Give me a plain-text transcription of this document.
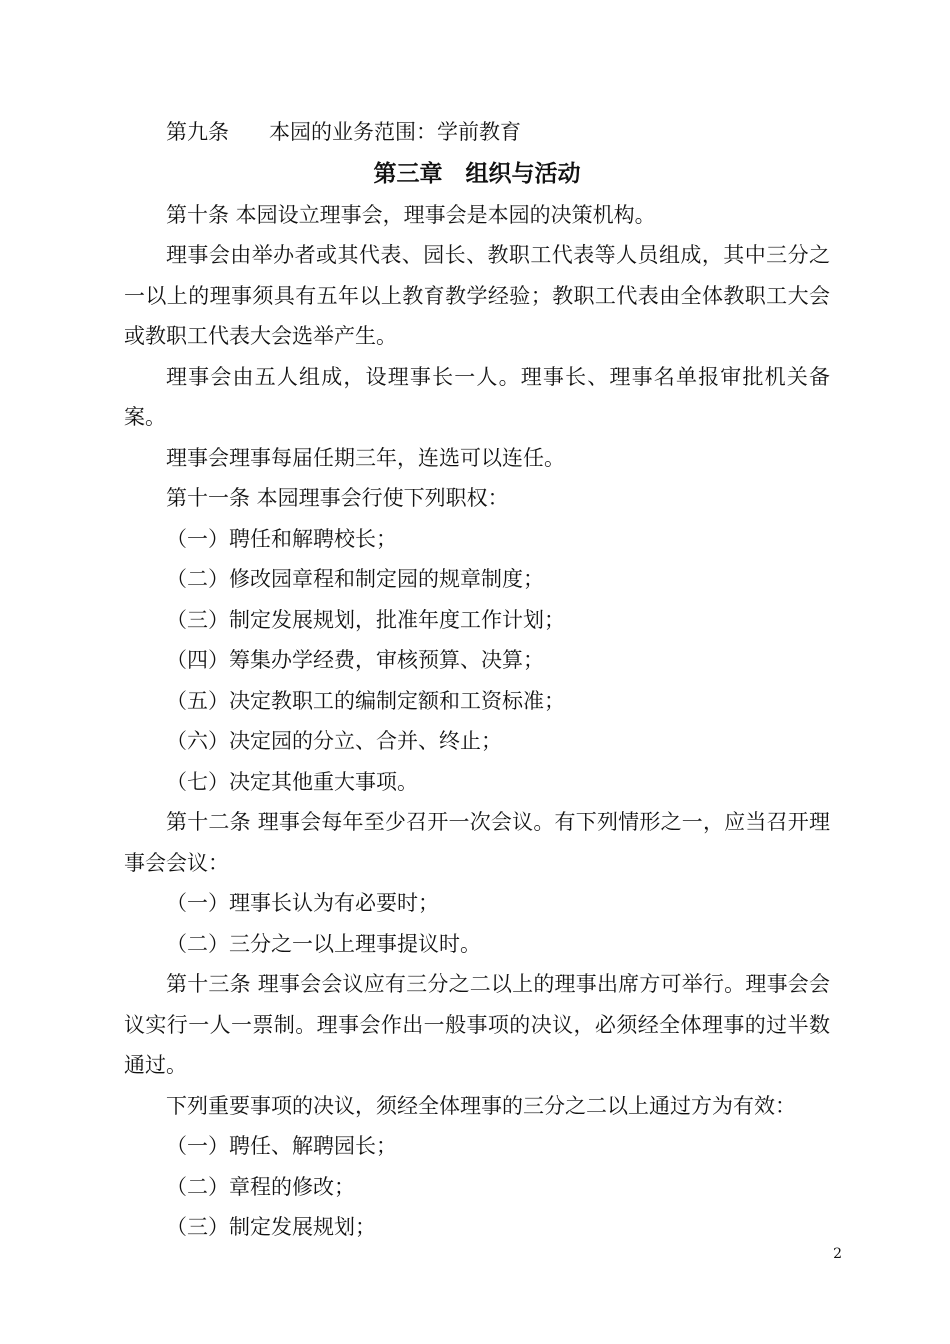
第九条 本园的业务范围：学前教育

第三章　组织与活动

第十条 本园设立理事会，理事会是本园的决策机构。

理事会由举办者或其代表、园长、教职工代表等人员组成，其中三分之一以上的理事须具有五年以上教育教学经验；教职工代表由全体教职工大会或教职工代表大会选举产生。

理事会由五人组成，设理事长一人。理事长、理事名单报审批机关备案。

理事会理事每届任期三年，连选可以连任。

第十一条 本园理事会行使下列职权：

（一）聘任和解聘校长；

（二）修改园章程和制定园的规章制度；

（三）制定发展规划，批准年度工作计划；

（四）筹集办学经费，审核预算、决算；

（五）决定教职工的编制定额和工资标准；

（六）决定园的分立、合并、终止；

（七）决定其他重大事项。

第十二条 理事会每年至少召开一次会议。有下列情形之一，应当召开理事会会议：

（一）理事长认为有必要时；

（二）三分之一以上理事提议时。

第十三条 理事会会议应有三分之二以上的理事出席方可举行。理事会会议实行一人一票制。理事会作出一般事项的决议，必须经全体理事的过半数通过。

下列重要事项的决议，须经全体理事的三分之二以上通过方为有效：

（一）聘任、解聘园长；

（二）章程的修改；

（三）制定发展规划；

2
